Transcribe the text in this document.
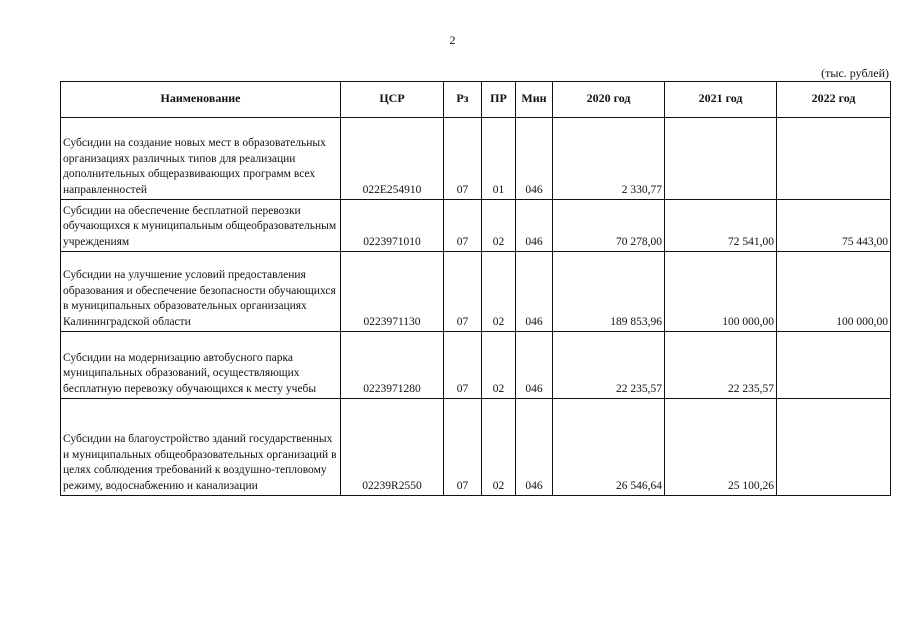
2
(тыс. рублей)
Наименование	ЦСР	Рз	ПР	Мин	2020 год	2021 год	2022 год
Субсидии на создание новых мест в образовательных организациях различных типов для реализации дополнительных общеразвивающих программ всех направленностей	022E254910	07	01	046	2 330,77		
Субсидии на обеспечение бесплатной перевозки обучающихся к муниципальным общеобразовательным учреждениям	0223971010	07	02	046	70 278,00	72 541,00	75 443,00
Субсидии на улучшение условий предоставления образования и обеспечение безопасности обучающихся в муниципальных образовательных организациях Калининградской области	0223971130	07	02	046	189 853,96	100 000,00	100 000,00
Субсидии на модернизацию автобусного парка муниципальных образований, осуществляющих бесплатную перевозку обучающихся к месту учебы	0223971280	07	02	046	22 235,57	22 235,57	
Субсидии на благоустройство зданий государственных и муниципальных общеобразовательных организаций в целях соблюдения требований к воздушно-тепловому режиму, водоснабжению и канализации	02239R2550	07	02	046	26 546,64	25 100,26	
